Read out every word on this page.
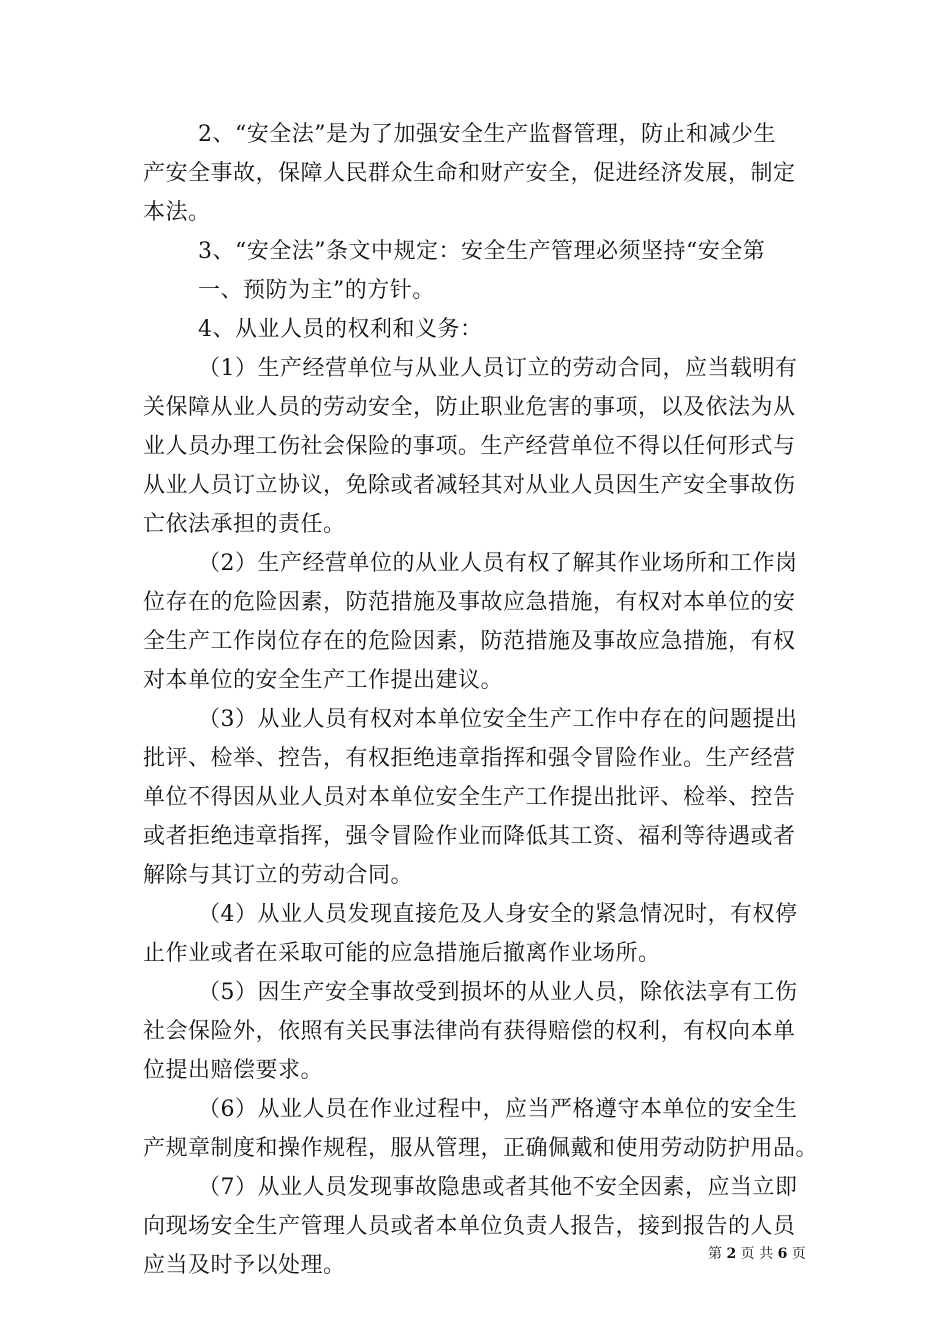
2、“安全法”是为了加强安全生产监督管理，防止和减少生
产安全事故，保障人民群众生命和财产安全，促进经济发展，制定
本法。
3、“安全法”条文中规定：安全生产管理必须坚持“安全第
一、预防为主”的方针。
4、从业人员的权利和义务：
（1）生产经营单位与从业人员订立的劳动合同，应当载明有
关保障从业人员的劳动安全，防止职业危害的事项，以及依法为从
业人员办理工伤社会保险的事项。生产经营单位不得以任何形式与
从业人员订立协议，免除或者减轻其对从业人员因生产安全事故伤
亡依法承担的责任。
（2）生产经营单位的从业人员有权了解其作业场所和工作岗
位存在的危险因素，防范措施及事故应急措施，有权对本单位的安
全生产工作岗位存在的危险因素，防范措施及事故应急措施，有权
对本单位的安全生产工作提出建议。
（3）从业人员有权对本单位安全生产工作中存在的问题提出
批评、检举、控告，有权拒绝违章指挥和强令冒险作业。生产经营
单位不得因从业人员对本单位安全生产工作提出批评、检举、控告
或者拒绝违章指挥，强令冒险作业而降低其工资、福利等待遇或者
解除与其订立的劳动合同。
（4）从业人员发现直接危及人身安全的紧急情况时，有权停
止作业或者在采取可能的应急措施后撤离作业场所。
（5）因生产安全事故受到损坏的从业人员，除依法享有工伤
社会保险外，依照有关民事法律尚有获得赔偿的权利，有权向本单
位提出赔偿要求。
（6）从业人员在作业过程中，应当严格遵守本单位的安全生
产规章制度和操作规程，服从管理，正确佩戴和使用劳动防护用品。
（7）从业人员发现事故隐患或者其他不安全因素，应当立即
向现场安全生产管理人员或者本单位负责人报告，接到报告的人员
应当及时予以处理。	第 2 页 共 6 页
